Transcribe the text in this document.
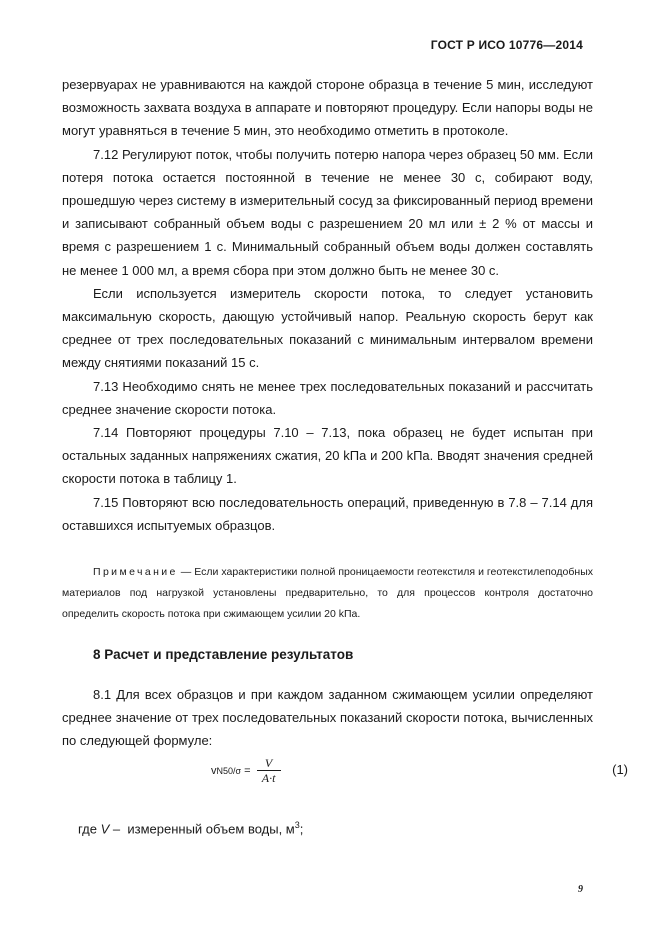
ГОСТ Р ИСО 10776—2014

резервуарах не уравниваются на каждой стороне образца в течение 5 мин, исследуют возможность захвата воздуха в аппарате и повторяют процедуру. Если напоры воды не могут уравняться в течение 5 мин, это необходимо отметить в протоколе.

7.12 Регулируют поток, чтобы получить потерю напора через образец 50 мм. Если потеря потока остается постоянной в течение не менее 30 с, собирают воду, прошедшую через систему в измерительный сосуд за фиксированный период времени и записывают собранный объем воды с разрешением 20 мл или ± 2 % от массы и время с разрешением 1 с. Минимальный собранный объем воды должен составлять не менее 1 000 мл, а время сбора при этом должно быть не менее 30 с.

Если используется измеритель скорости потока, то следует установить максимальную скорость, дающую устойчивый напор. Реальную скорость берут как среднее от трех последовательных показаний с минимальным интервалом времени между снятиями показаний 15 с.

7.13 Необходимо снять не менее трех последовательных показаний и рассчитать среднее значение скорости потока.

7.14 Повторяют процедуры 7.10 – 7.13, пока образец не будет испытан при остальных заданных напряжениях сжатия, 20 kПа и 200 kПа. Вводят значения средней скорости потока в таблицу 1.

7.15 Повторяют всю последовательность операций, приведенную в 7.8 – 7.14 для оставшихся испытуемых образцов.

Примечание — Если характеристики полной проницаемости геотекстиля и геотекстилеподобных материалов под нагрузкой установлены предварительно, то для процессов контроля достаточно определить скорость потока при сжимающем усилии 20 kПа.
8 Расчет и представление результатов

8.1 Для всех образцов и при каждом заданном сжимающем усилии определяют среднее значение от трех последовательных показаний скорости потока, вычисленных по следующей формуле:

$vN50/\sigma = \frac{V}{A\cdot t}$	(1)
где V – измеренный объем воды, $м^3$;
9
